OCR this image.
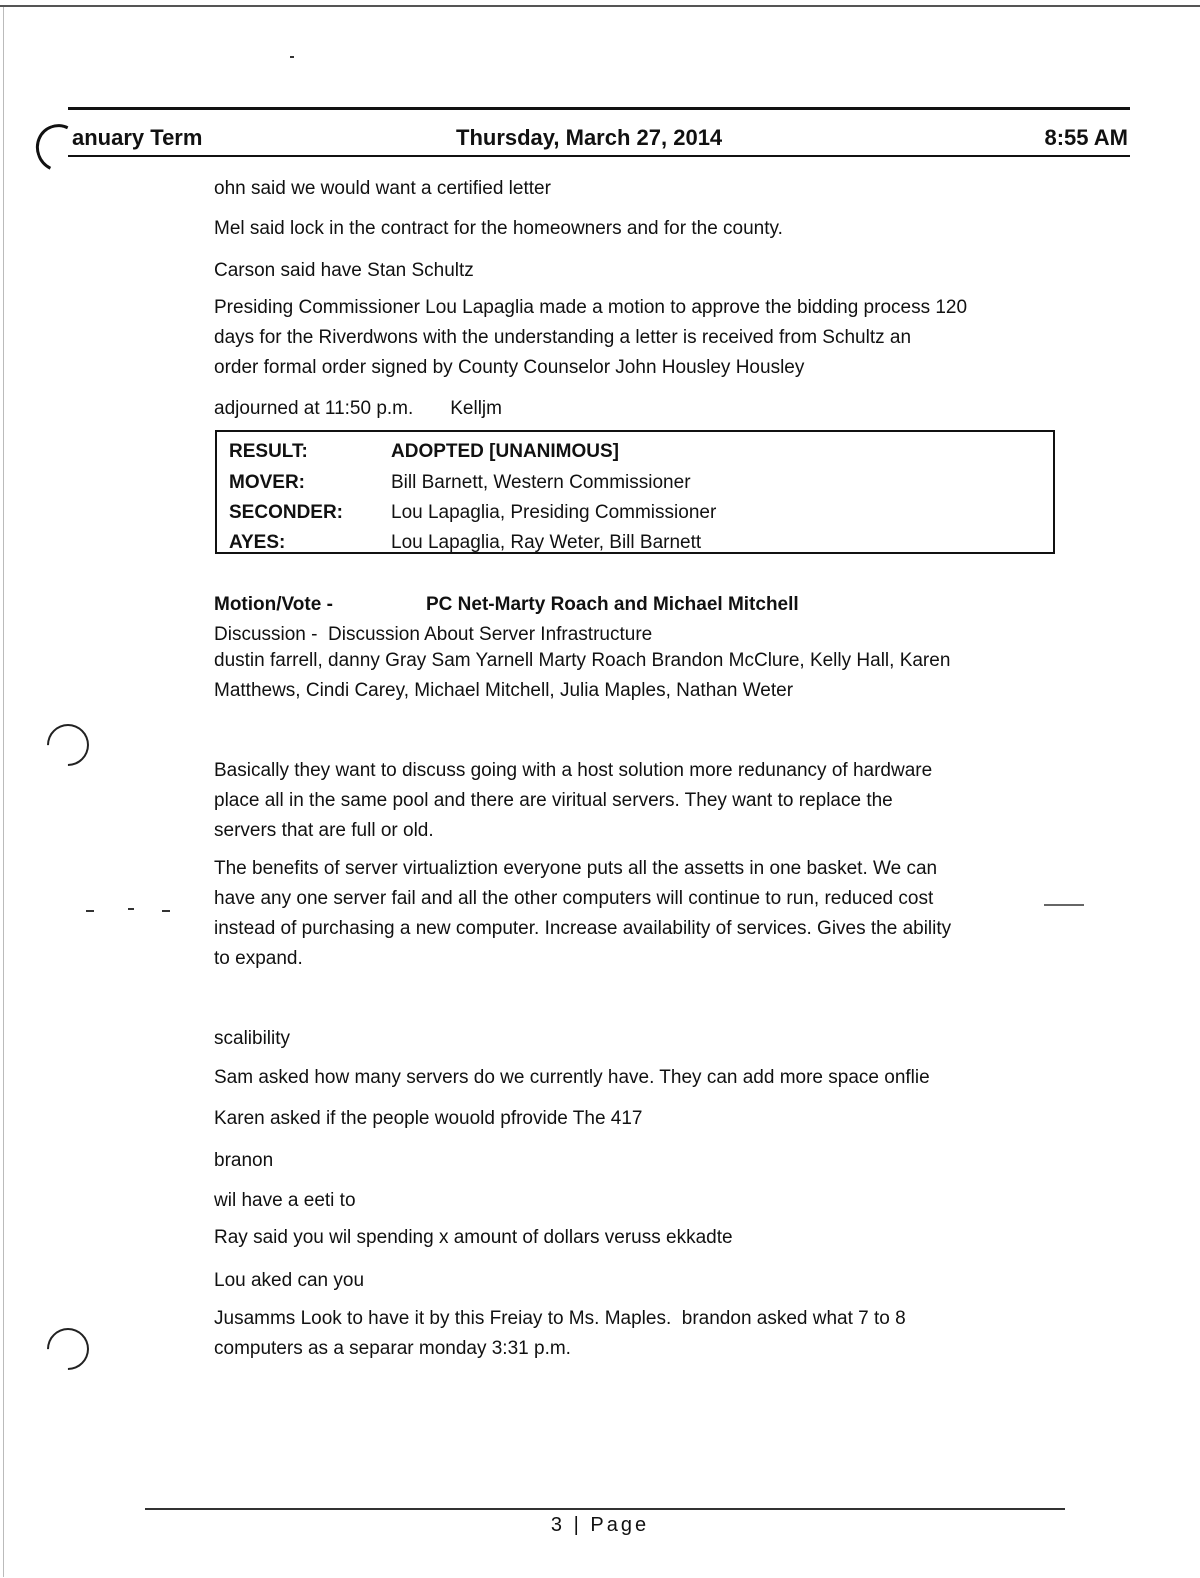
anuary Term	Thursday, March 27, 2014	8:55 AM

ohn said we would want a certified letter

Mel said lock in the contract for the homeowners and for the county.

Carson said have Stan Schultz

Presiding Commissioner Lou Lapaglia made a motion to approve the bidding process 120
days for the Riverdwons with the understanding a letter is received from Schultz an
order formal order signed by County Counselor John Housley Housley

adjourned at 11:50 p.m.       Kelljm

RESULT:	ADOPTED [UNANIMOUS]
MOVER:	Bill Barnett, Western Commissioner
SECONDER:	Lou Lapaglia, Presiding Commissioner
AYES:	Lou Lapaglia, Ray Weter, Bill Barnett

Motion/Vote -	PC Net-Marty Roach and Michael Mitchell

Discussion -  Discussion About Server Infrastructure

dustin farrell, danny Gray Sam Yarnell Marty Roach Brandon McClure, Kelly Hall, Karen
Matthews, Cindi Carey, Michael Mitchell, Julia Maples, Nathan Weter

Basically they want to discuss going with a host solution more redunancy of hardware
place all in the same pool and there are viritual servers. They want to replace the
servers that are full or old.

The benefits of server virtualiztion everyone puts all the assetts in one basket. We can
have any one server fail and all the other computers will continue to run, reduced cost
instead of purchasing a new computer. Increase availability of services. Gives the ability
to expand.

scalibility

Sam asked how many servers do we currently have. They can add more space onflie

Karen asked if the people wouold pfrovide The 417

branon

wil have a eeti to

Ray said you wil spending x amount of dollars veruss ekkadte

Lou aked can you

Jusamms Look to have it by this Freiay to Ms. Maples.  brandon asked what 7 to 8
computers as a separar monday 3:31 p.m.

3 | Page
